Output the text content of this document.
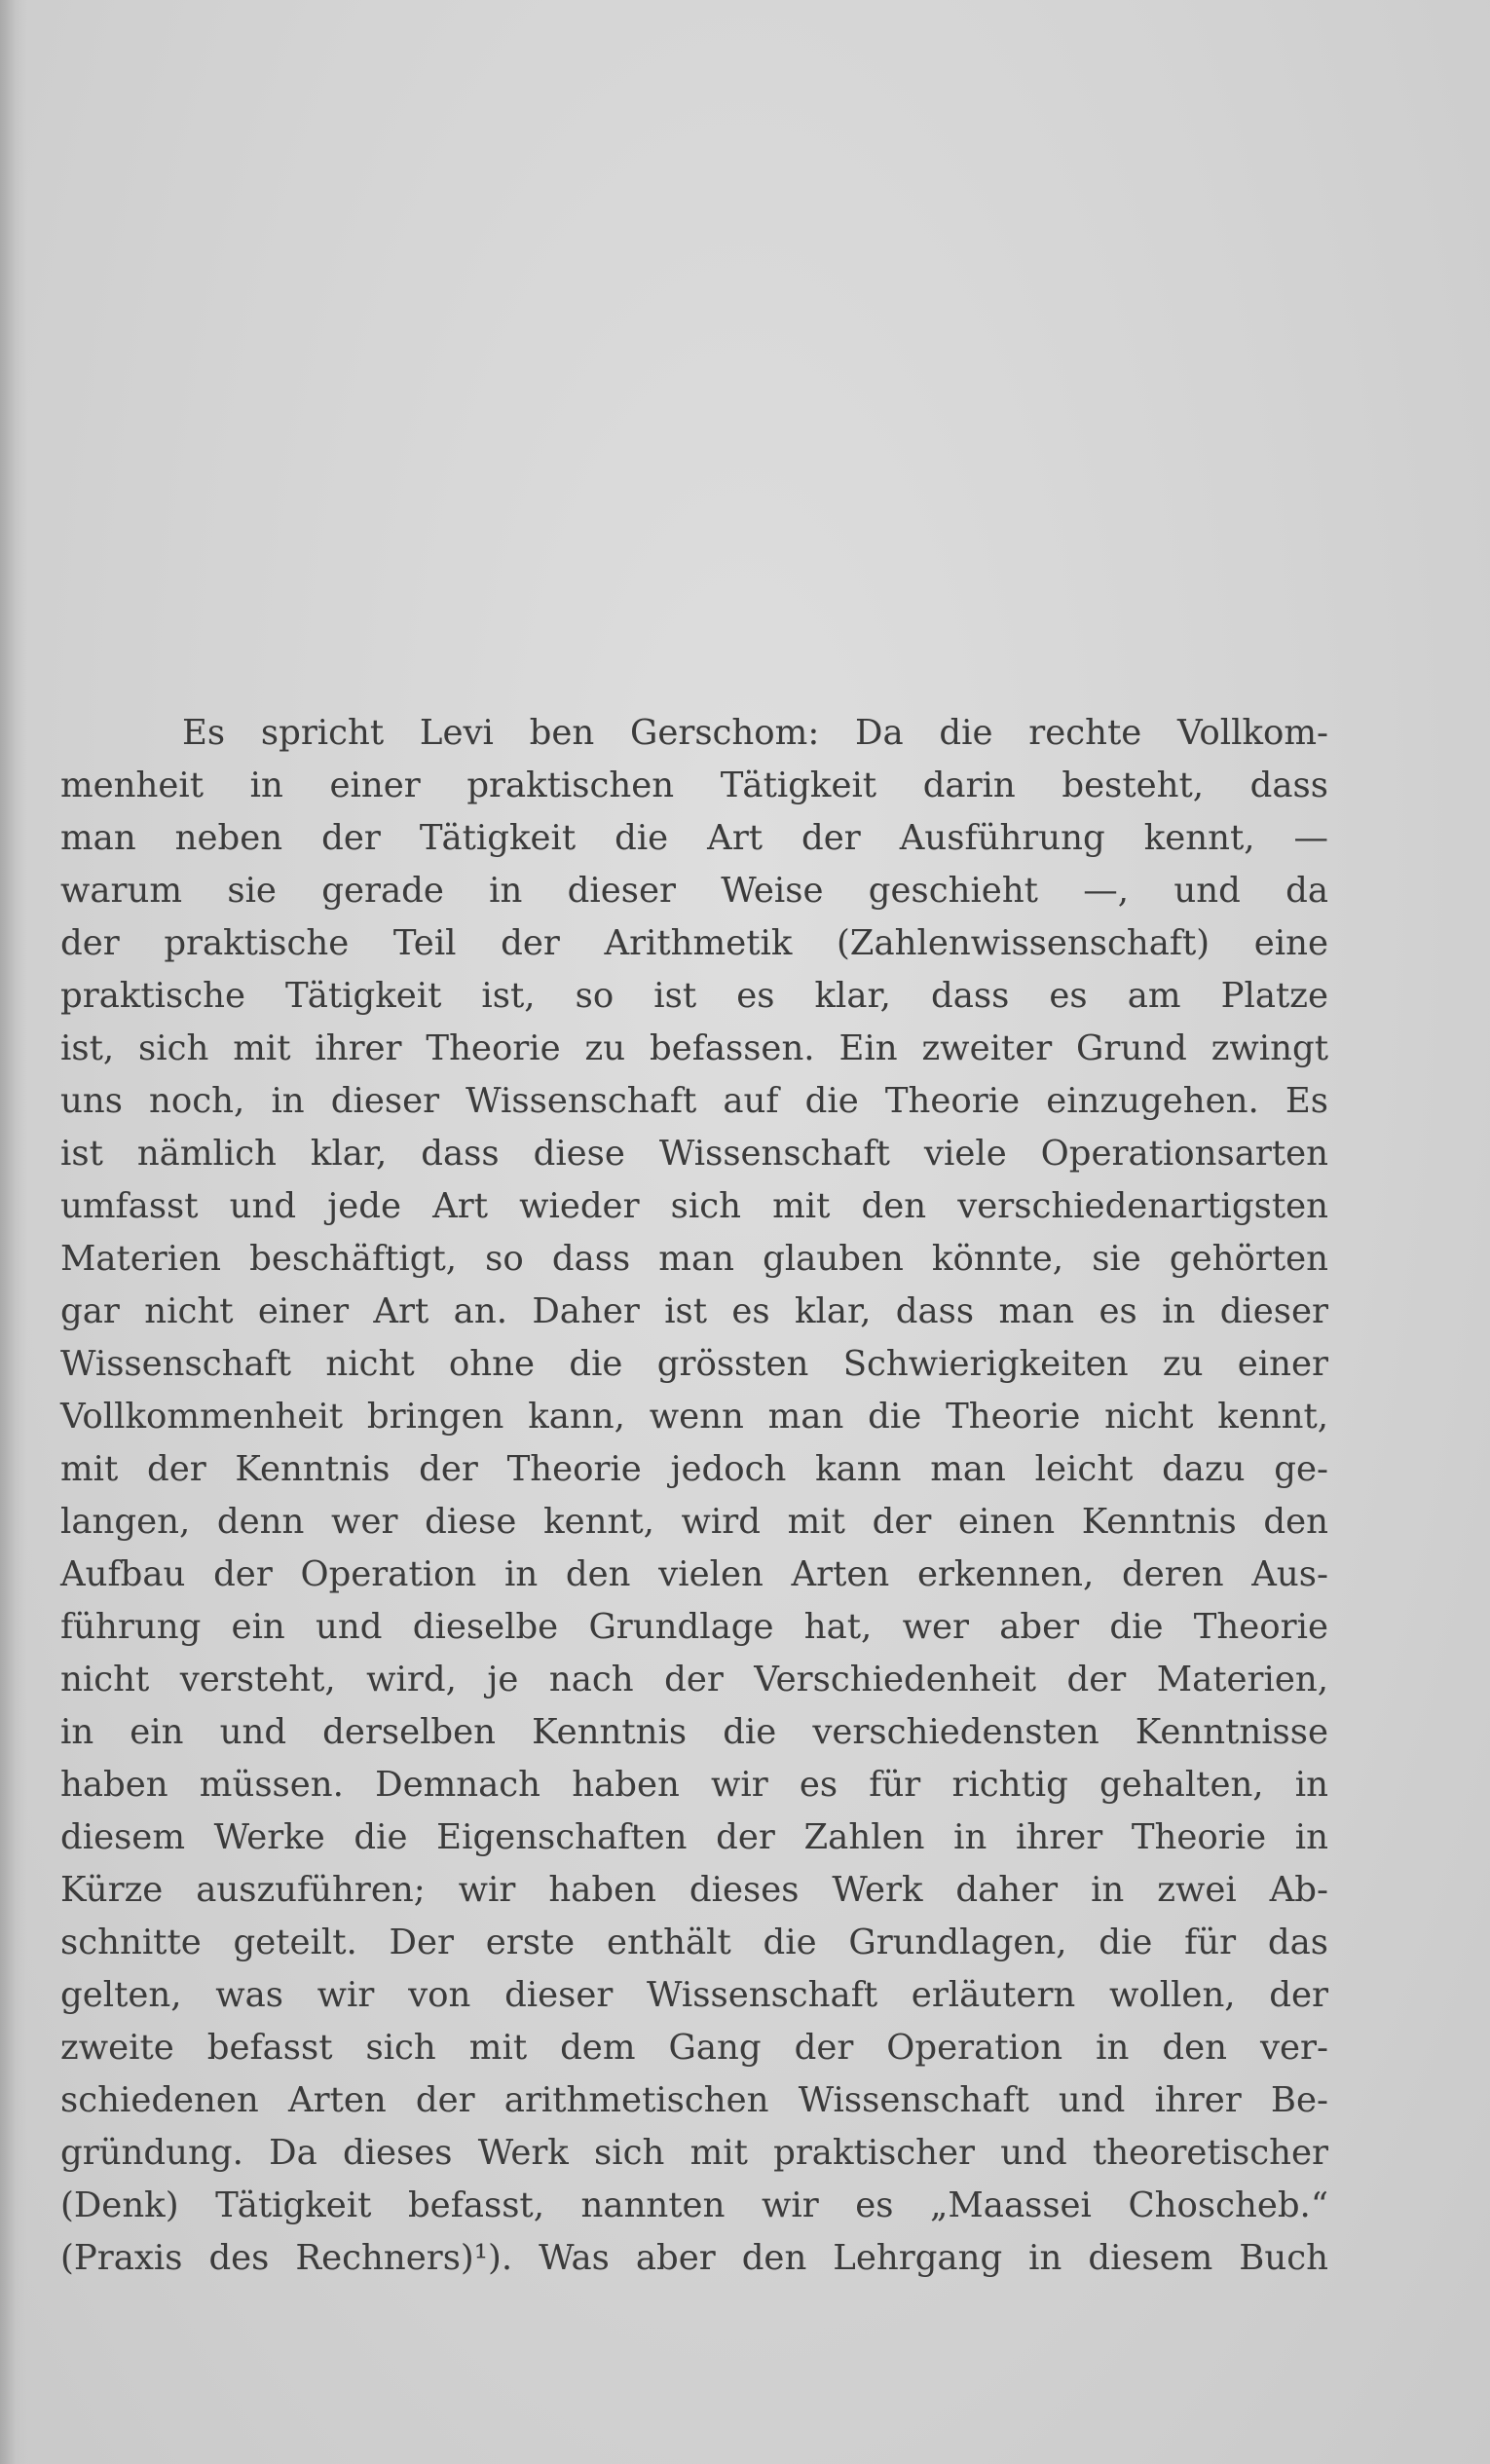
Es spricht Levi ben Gerschom: Da die rechte Vollkom-
menheit in einer praktischen Tätigkeit darin besteht, dass
man neben der Tätigkeit die Art der Ausführung kennt, —
warum sie gerade in dieser Weise geschieht —, und da
der praktische Teil der Arithmetik (Zahlenwissenschaft) eine
praktische Tätigkeit ist, so ist es klar, dass es am Platze
ist, sich mit ihrer Theorie zu befassen. Ein zweiter Grund zwingt
uns noch, in dieser Wissenschaft auf die Theorie einzugehen. Es
ist nämlich klar, dass diese Wissenschaft viele Operationsarten
umfasst und jede Art wieder sich mit den verschiedenartigsten
Materien beschäftigt, so dass man glauben könnte, sie gehörten
gar nicht einer Art an. Daher ist es klar, dass man es in dieser
Wissenschaft nicht ohne die grössten Schwierigkeiten zu einer
Vollkommenheit bringen kann, wenn man die Theorie nicht kennt,
mit der Kenntnis der Theorie jedoch kann man leicht dazu ge-
langen, denn wer diese kennt, wird mit der einen Kenntnis den
Aufbau der Operation in den vielen Arten erkennen, deren Aus-
führung ein und dieselbe Grundlage hat, wer aber die Theorie
nicht versteht, wird, je nach der Verschiedenheit der Materien,
in ein und derselben Kenntnis die verschiedensten Kenntnisse
haben müssen. Demnach haben wir es für richtig gehalten, in
diesem Werke die Eigenschaften der Zahlen in ihrer Theorie in
Kürze auszuführen; wir haben dieses Werk daher in zwei Ab-
schnitte geteilt. Der erste enthält die Grundlagen, die für das
gelten, was wir von dieser Wissenschaft erläutern wollen, der
zweite befasst sich mit dem Gang der Operation in den ver-
schiedenen Arten der arithmetischen Wissenschaft und ihrer Be-
gründung. Da dieses Werk sich mit praktischer und theoretischer
(Denk) Tätigkeit befasst, nannten wir es „Maassei Choscheb.“
(Praxis des Rechners)¹). Was aber den Lehrgang in diesem Buch
